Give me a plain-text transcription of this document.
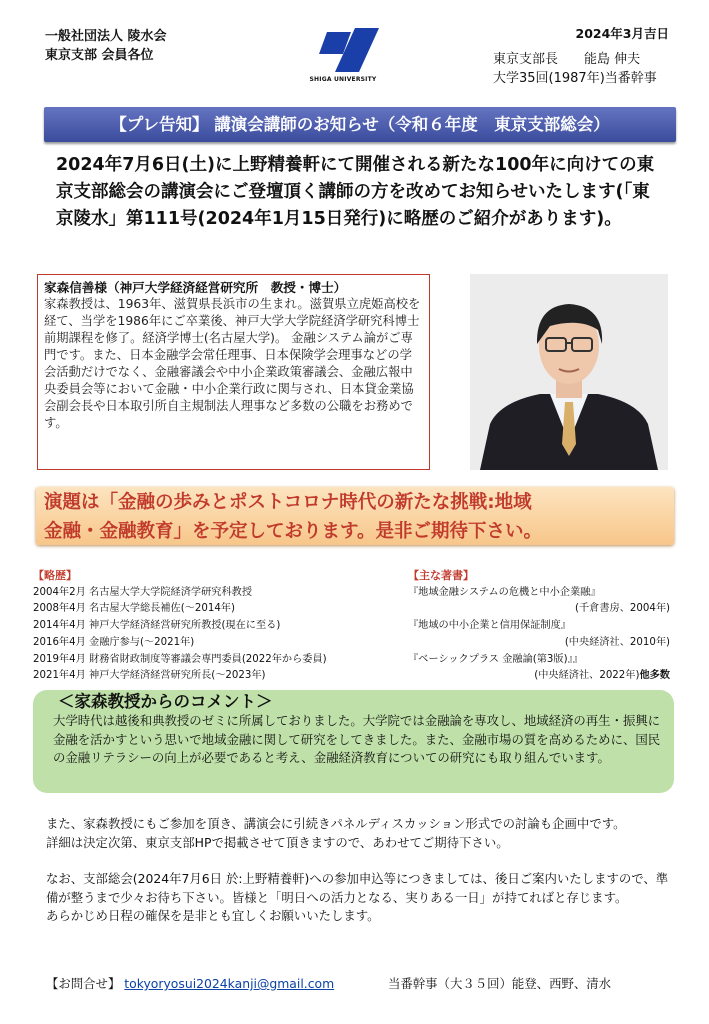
一般社団法人 陵水会
東京支部 会員各位
SHIGA UNIVERSITY
2024年3月吉日
東京支部長　　能島 伸夫
大学35回(1987年)当番幹事
【プレ告知】 講演会講師のお知らせ（令和６年度　東京支部総会）
2024年7月6日(土)に上野精養軒にて開催される新たな100年に向けての東京支部総会の講演会にご登壇頂く講師の方を改めてお知らせいたします(「東京陵水」第111号(2024年1月15日発行)に略歴のご紹介があります)。
家森信善様（神戸大学経済経営研究所　教授・博士）
家森教授は、1963年、滋賀県長浜市の生まれ。滋賀県立虎姫高校を経て、当学を1986年にご卒業後、神戸大学大学院経済学研究科博士前期課程を修了。経済学博士(名古屋大学)。 金融システム論がご専門です。また、日本金融学会常任理事、日本保険学会理事などの学会活動だけでなく、金融審議会や中小企業政策審議会、金融広報中央委員会等において金融・中小企業行政に関与され、日本貸金業協会副会長や日本取引所自主規制法人理事など多数の公職をお務めです。
演題は「金融の歩みとポストコロナ時代の新たな挑戦:地域
金融・金融教育」を予定しております。是非ご期待下さい。
【略歴】
2004年2月 名古屋大学大学院経済学研究科教授
2008年4月 名古屋大学総長補佐(～2014年)
2014年4月 神戸大学経済経営研究所教授(現在に至る)
2016年4月 金融庁参与(～2021年)
2019年4月 財務省財政制度等審議会専門委員(2022年から委員)
2021年4月 神戸大学経済経営研究所長(～2023年)
【主な著書】
『地域金融システムの危機と中小企業融』
(千倉書房、2004年)
『地域の中小企業と信用保証制度』
(中央経済社、2010年)
『ベーシックプラス 金融論(第3版)』』
(中央経済社、2022年)他多数
＜家森教授からのコメント＞
大学時代は越後和典教授のゼミに所属しておりました。大学院では金融論を専攻し、地域経済の再生・振興に金融を活かすという思いで地域金融に関して研究をしてきました。また、金融市場の質を高めるために、国民の金融リテラシーの向上が必要であると考え、金融経済教育についての研究にも取り組んでいます。

また、家森教授にもご参加を頂き、講演会に引続きパネルディスカッション形式での討論も企画中です。

詳細は決定次第、東京支部HPで掲載させて頂きますので、あわせてご期待下さい。

なお、支部総会(2024年7月6日 於:上野精養軒)への参加申込等につきましては、後日ご案内いたしますので、準備が整うまで少々お待ち下さい。皆様と「明日への活力となる、実りある一日」が持てればと存じます。

あらかじめ日程の確保を是非とも宜しくお願いいたします。

【お問合せ】 tokyoryosui2024kanji@gmail.com	当番幹事（大３５回）能登、西野、清水
